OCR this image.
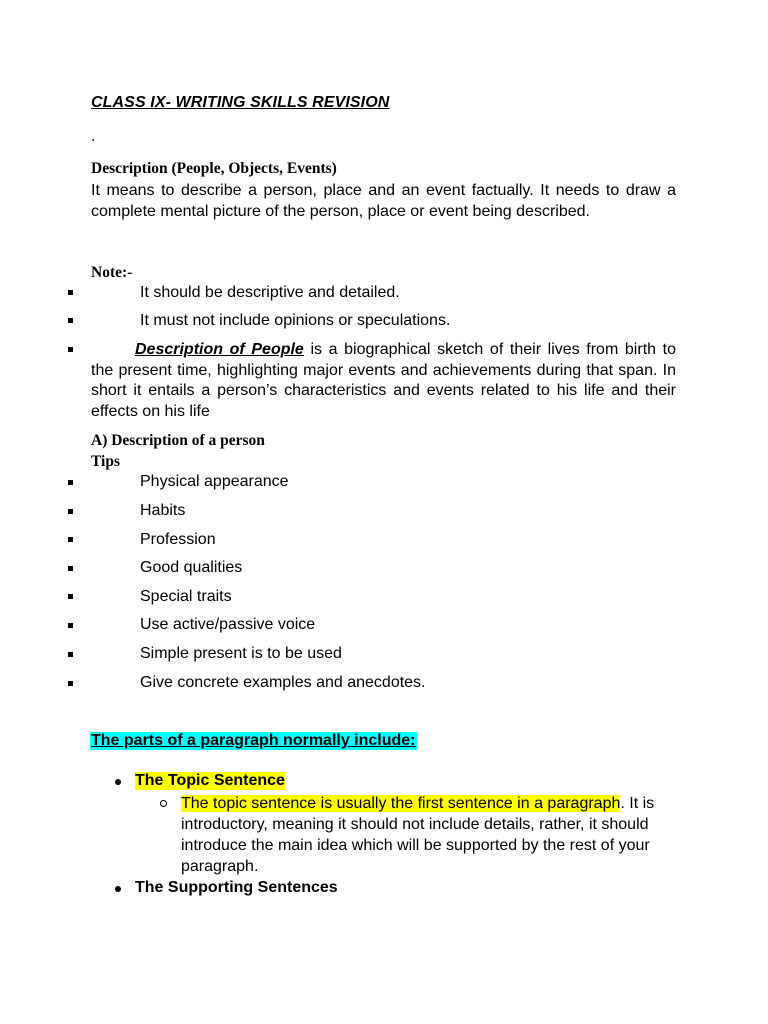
CLASS IX- WRITING SKILLS REVISION
.
Description (People, Objects, Events)
It means to describe a person, place and an event factually. It needs to draw a complete mental picture of the person, place or event being described.
Note:-
It should be descriptive and detailed.
It must not include opinions or speculations.
Description of People is a biographical sketch of their lives from birth to the present time, highlighting major events and achievements during that span. In short it entails a person’s characteristics and events related to his life and their effects on his life
A) Description of a person
Tips
Physical appearance
Habits
Profession
Good qualities
Special traits
Use active/passive voice
Simple present is to be used
Give concrete examples and anecdotes.
The parts of a paragraph normally include:
The Topic Sentence
The topic sentence is usually the first sentence in a paragraph. It is introductory, meaning it should not include details, rather, it should introduce the main idea which will be supported by the rest of your paragraph.
The Supporting Sentences
